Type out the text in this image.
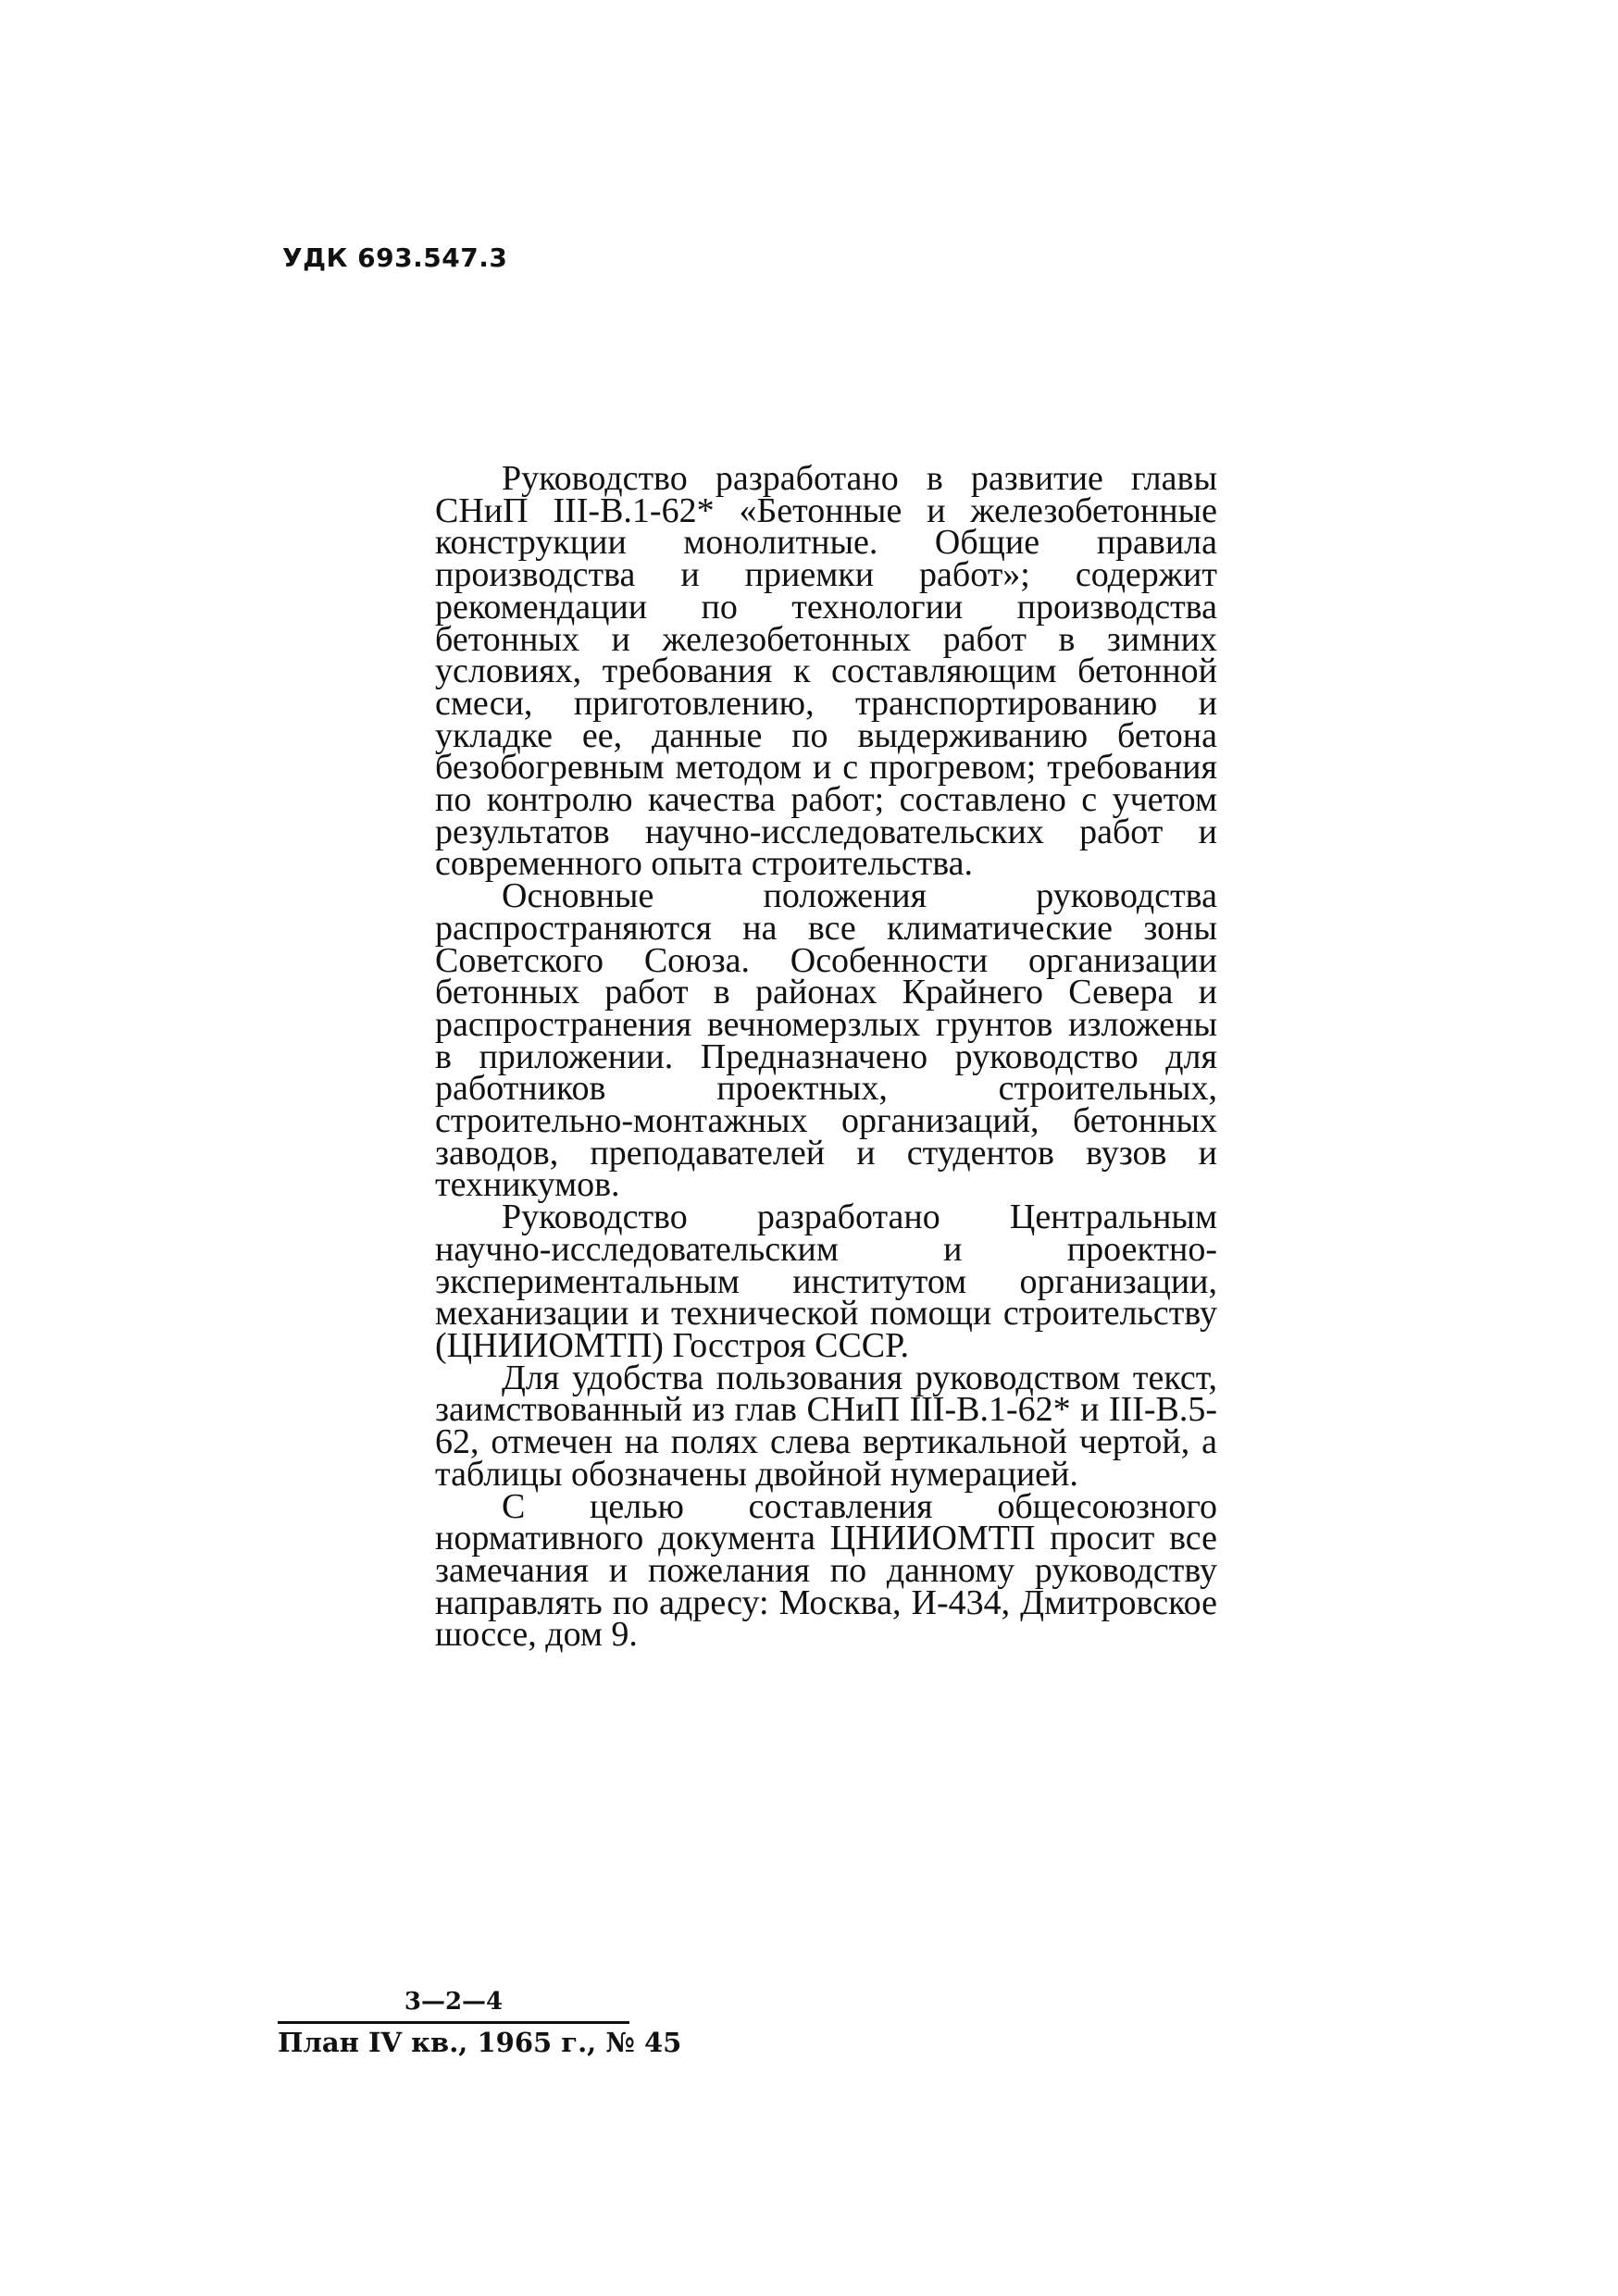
УДК 693.547.3

Руководство разработано в развитие главы СНиП III-В.1-62* «Бетонные и железобетонные конструкции монолитные. Общие правила производства и приемки работ»; содержит рекомендации по технологии производства бетонных и железобетонных работ в зимних условиях, требования к составляющим бетонной смеси, приготовлению, транспортированию и укладке ее, данные по выдерживанию бетона безобогревным методом и с прогревом; требования по контролю качества работ; составлено с учетом результатов научно-исследовательских работ и современного опыта строительства.

Основные положения руководства распространяются на все климатические зоны Советского Союза. Особенности организации бетонных работ в районах Крайнего Севера и распространения вечномерзлых грунтов изложены в приложении. Предназначено руководство для работников проектных, строительных, строительно-монтажных организаций, бетонных заводов, преподавателей и студентов вузов и техникумов.

Руководство разработано Центральным научно-исследовательским и проектно-экспериментальным институтом организации, механизации и технической помощи строительству (ЦНИИОМТП) Госстроя СССР.

Для удобства пользования руководством текст, заимствованный из глав СНиП III-В.1-62* и III-В.5-62, отмечен на полях слева вертикальной чертой, а таблицы обозначены двойной нумерацией.

С целью составления общесоюзного нормативного документа ЦНИИОМТП просит все замечания и пожелания по данному руководству направлять по адресу: Москва, И-434, Дмитровское шоссе, дом 9.

3—2—4
План IV кв., 1965 г., № 45
